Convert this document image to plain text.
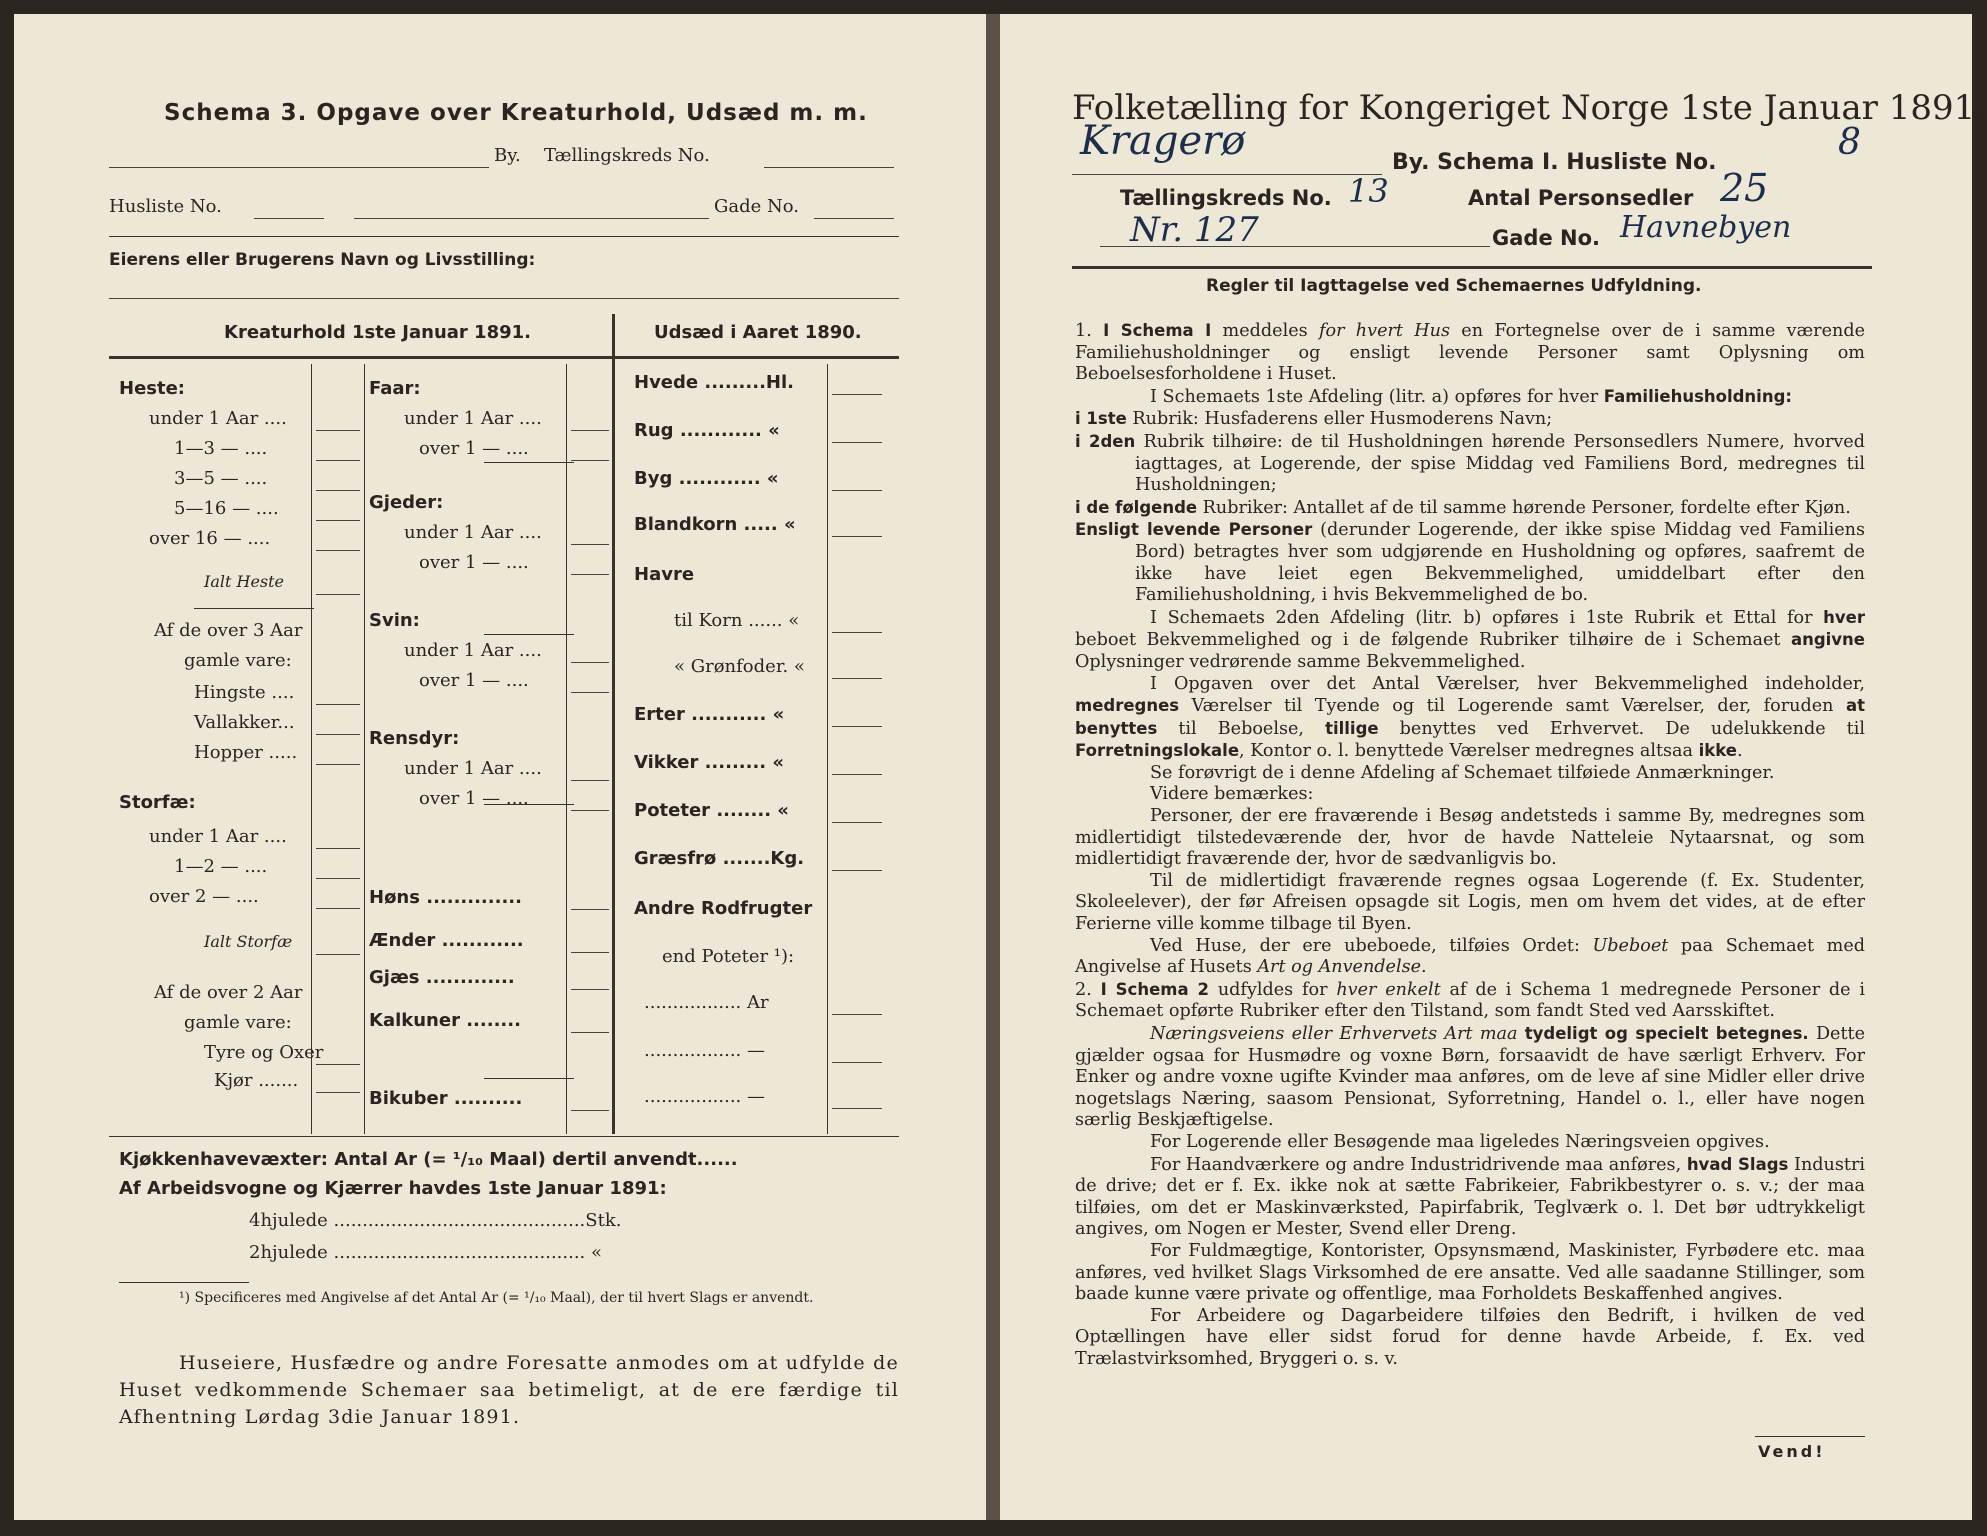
Schema 3. Opgave over Kreaturhold, Udsæd m. m.
By. Tællingskreds No.
Husliste No.	Gade No.
Eierens eller Brugerens Navn og Livsstilling:
Kreaturhold 1ste Januar 1891.	Udsæd i Aaret 1890.
Heste:
under 1 Aar ....
1—3 — ....
3—5 — ....
5—16 — ....
over 16 — ....
Ialt Heste
Af de over 3 Aar
gamle vare:
Hingste ....
Vallakker...
Hopper .....
Storfæ:
under 1 Aar ....
1—2 — ....
over 2 — ....
Ialt Storfæ
Af de over 2 Aar
gamle vare:
Tyre og Oxer
Kjør .......
Faar:
under 1 Aar ....
over 1 — ....
Gjeder:
under 1 Aar ....
over 1 — ....
Svin:
under 1 Aar ....
over 1 — ....
Rensdyr:
under 1 Aar ....
over 1 — ....
Høns ..............
Ænder ............
Gjæs .............
Kalkuner ........
Bikuber ..........
Hvede .........Hl.
Rug ............ «
Byg ............ «
Blandkorn ..... «
Havre
til Korn ...... «
« Grønfoder. «
Erter ........... «
Vikker ......... «
Poteter ........ «
Græsfrø .......Kg.
Andre Rodfrugter
end Poteter ¹):
................. Ar
................. —
................. —
Kjøkkenhavevæxter: Antal Ar (= ¹/₁₀ Maal) dertil anvendt......
Af Arbeidsvogne og Kjærrer havdes 1ste Januar 1891:
4hjulede ............................................Stk.
2hjulede ............................................ «
¹) Specificeres med Angivelse af det Antal Ar (= ¹/₁₀ Maal), der til hvert Slags er anvendt.
Huseiere, Husfædre og andre Foresatte anmodes om at udfylde de Huset vedkommende Schemaer saa betimeligt, at de ere færdige til Afhentning Lørdag 3die Januar 1891.
Folketælling for Kongeriget Norge 1ste Januar 1891.
Kragerø	By. Schema I. Husliste No.	8
Tællingskreds No. 13	Antal Personsedler 25
Nr. 127	Gade No. Havnebyen
Regler til Iagttagelse ved Schemaernes Udfyldning.

1. I Schema I meddeles for hvert Hus en Fortegnelse over de i samme værende Familiehusholdninger og ensligt levende Personer samt Oplysning om Beboelsesforholdene i Huset.

I Schemaets 1ste Afdeling (litr. a) opføres for hver Familiehusholdning:

i 1ste Rubrik: Husfaderens eller Husmoderens Navn;

i 2den Rubrik tilhøire: de til Husholdningen hørende Personsedlers Numere, hvorved iagttages, at Logerende, der spise Middag ved Familiens Bord, medregnes til Husholdningen;

i de følgende Rubriker: Antallet af de til samme hørende Personer, fordelte efter Kjøn.

Ensligt levende Personer (derunder Logerende, der ikke spise Middag ved Familiens Bord) betragtes hver som udgjørende en Husholdning og opføres, saafremt de ikke have leiet egen Bekvemmelighed, umiddelbart efter den Familiehusholdning, i hvis Bekvemmelighed de bo.

I Schemaets 2den Afdeling (litr. b) opføres i 1ste Rubrik et Ettal for hver beboet Bekvemmelighed og i de følgende Rubriker tilhøire de i Schemaet angivne Oplysninger vedrørende samme Bekvemmelighed.

I Opgaven over det Antal Værelser, hver Bekvemmelighed indeholder, medregnes Værelser til Tyende og til Logerende samt Værelser, der, foruden at benyttes til Beboelse, tillige benyttes ved Erhvervet. De udelukkende til Forretningslokale, Kontor o. l. benyttede Værelser medregnes altsaa ikke.

Se forøvrigt de i denne Afdeling af Schemaet tilføiede Anmærkninger.

Videre bemærkes:

Personer, der ere fraværende i Besøg andetsteds i samme By, medregnes som midlertidigt tilstedeværende der, hvor de havde Natteleie Nytaarsnat, og som midlertidigt fraværende der, hvor de sædvanligvis bo.

Til de midlertidigt fraværende regnes ogsaa Logerende (f. Ex. Studenter, Skoleelever), der før Afreisen opsagde sit Logis, men om hvem det vides, at de efter Ferierne ville komme tilbage til Byen.

Ved Huse, der ere ubeboede, tilføies Ordet: Ubeboet paa Schemaet med Angivelse af Husets Art og Anvendelse.

2. I Schema 2 udfyldes for hver enkelt af de i Schema 1 medregnede Personer de i Schemaet opførte Rubriker efter den Tilstand, som fandt Sted ved Aarsskiftet.

Næringsveiens eller Erhvervets Art maa tydeligt og specielt betegnes. Dette gjælder ogsaa for Husmødre og voxne Børn, forsaavidt de have særligt Erhverv. For Enker og andre voxne ugifte Kvinder maa anføres, om de leve af sine Midler eller drive nogetslags Næring, saasom Pensionat, Syforretning, Handel o. l., eller have nogen særlig Beskjæftigelse.

For Logerende eller Besøgende maa ligeledes Næringsveien opgives.

For Haandværkere og andre Industridrivende maa anføres, hvad Slags Industri de drive; det er f. Ex. ikke nok at sætte Fabrikeier, Fabrikbestyrer o. s. v.; der maa tilføies, om det er Maskinværksted, Papirfabrik, Teglværk o. l. Det bør udtrykkeligt angives, om Nogen er Mester, Svend eller Dreng.

For Fuldmægtige, Kontorister, Opsynsmænd, Maskinister, Fyrbødere etc. maa anføres, ved hvilket Slags Virksomhed de ere ansatte. Ved alle saadanne Stillinger, som baade kunne være private og offentlige, maa Forholdets Beskaffenhed angives.

For Arbeidere og Dagarbeidere tilføies den Bedrift, i hvilken de ved Optællingen have eller sidst forud for denne havde Arbeide, f. Ex. ved Trælastvirksomhed, Bryggeri o. s. v.

Vend!
